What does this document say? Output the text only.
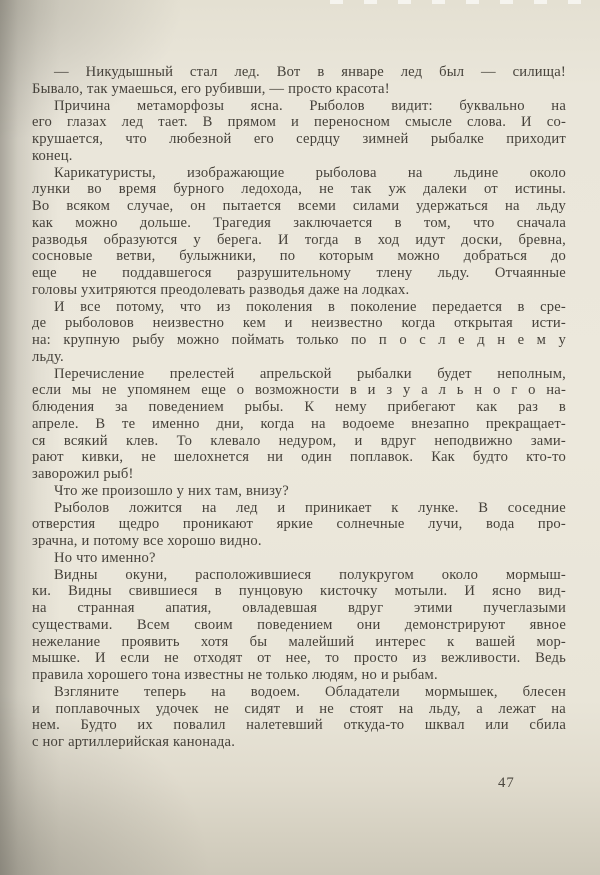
— Никудышный стал лед. Вот в январе лед был — силища!
Бывало, так умаешься, его рубивши, — просто красота!
Причина метаморфозы ясна. Рыболов видит: буквально на
его глазах лед тает. В прямом и переносном смысле слова. И со-
крушается, что любезной его сердцу зимней рыбалке приходит
конец.
Карикатуристы, изображающие рыболова на льдине около
лунки во время бурного ледохода, не так уж далеки от истины.
Во всяком случае, он пытается всеми силами удержаться на льду
как можно дольше. Трагедия заключается в том, что сначала
разводья образуются у берега. И тогда в ход идут доски, бревна,
сосновые ветви, булыжники, по которым можно добраться до
еще не поддавшегося разрушительному тлену льду. Отчаянные
головы ухитряются преодолевать разводья даже на лодках.
И все потому, что из поколения в поколение передается в сре-
де рыболовов неизвестно кем и неизвестно когда открытая исти-
на: крупную рыбу можно поймать только по п о с л е д н е м у
льду.
Перечисление прелестей апрельской рыбалки будет неполным,
если мы не упомянем еще о возможности в и з у а л ь н о г о на-
блюдения за поведением рыбы. К нему прибегают как раз в
апреле. В те именно дни, когда на водоеме внезапно прекращает-
ся всякий клев. То клевало недуром, и вдруг неподвижно зами-
рают кивки, не шелохнется ни один поплавок. Как будто кто-то
заворожил рыб!
Что же произошло у них там, внизу?
Рыболов ложится на лед и приникает к лунке. В соседние
отверстия щедро проникают яркие солнечные лучи, вода про-
зрачна, и потому все хорошо видно.
Но что именно?
Видны окуни, расположившиеся полукругом около мормыш-
ки. Видны свившиеся в пунцовую кисточку мотыли. И ясно вид-
на странная апатия, овладевшая вдруг этими пучеглазыми
существами. Всем своим поведением они демонстрируют явное
нежелание проявить хотя бы малейший интерес к вашей мор-
мышке. И если не отходят от нее, то просто из вежливости. Ведь
правила хорошего тона известны не только людям, но и рыбам.
Взгляните теперь на водоем. Обладатели мормышек, блесен
и поплавочных удочек не сидят и не стоят на льду, а лежат на
нем. Будто их повалил налетевший откуда-то шквал или сбила
с ног артиллерийская канонада.
47
